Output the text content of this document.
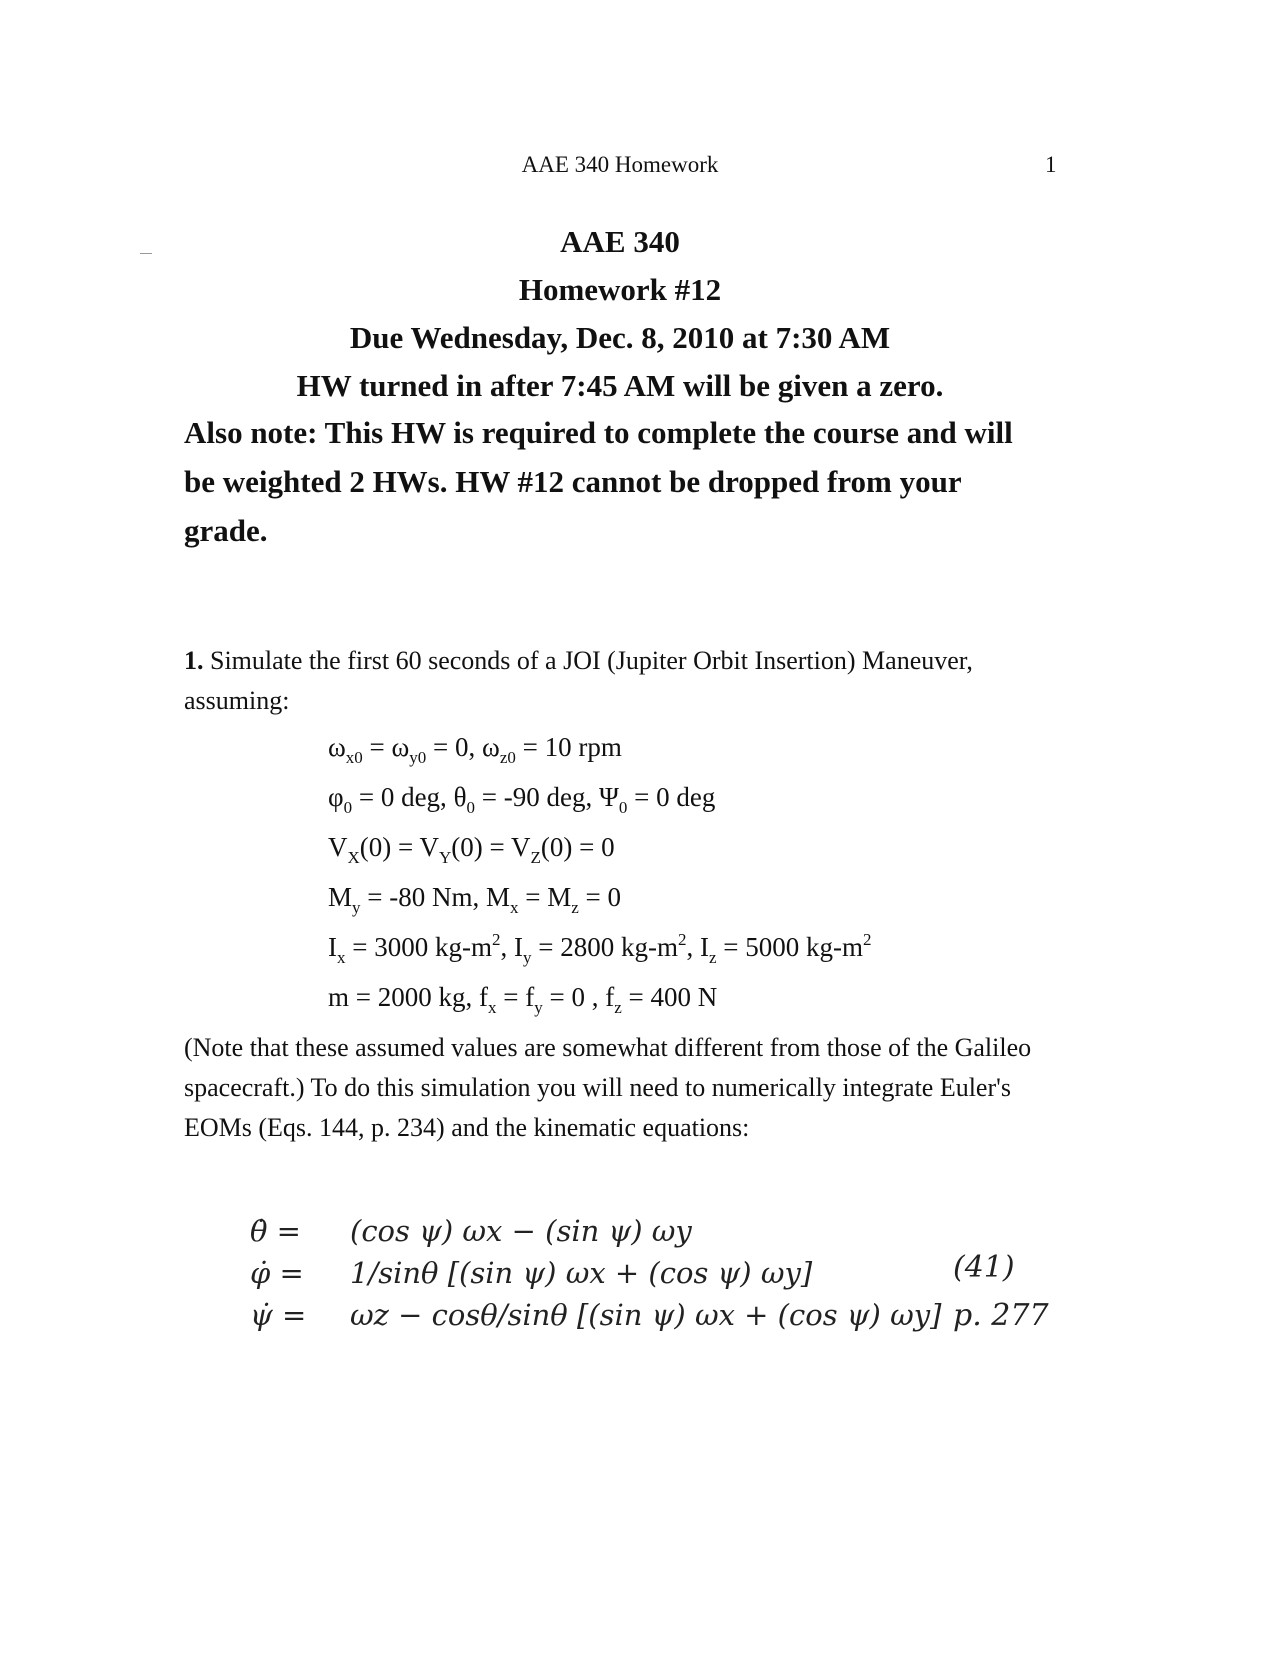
AAE 340 Homework	1
AAE 340
Homework #12
Due Wednesday, Dec. 8, 2010 at 7:30 AM
HW turned in after 7:45 AM will be given a zero.
Also note: This HW is required to complete the course and will be weighted 2 HWs. HW #12 cannot be dropped from your grade.
1. Simulate the first 60 seconds of a JOI (Jupiter Orbit Insertion) Maneuver, assuming:
$\omega_{x0} = \omega_{y0} = 0$, $\omega_{z0} = 10$ rpm
$\varphi_0 = 0$ deg, $\theta_0 = -90$ deg, $\Psi_0 = 0$ deg
$V_X(0) = V_Y(0) = V_Z(0) = 0$
$M_y = -80$ Nm, $M_x = M_z = 0$
$I_x = 3000$ $kg-m^2$, $I_y = 2800$ $kg-m^2$, $I_z = 5000$ $kg-m^2$
m = 2000 kg, $f_x = f_y = 0$ , $f_z = 400$ N
(Note that these assumed values are somewhat different from those of the Galileo spacecraft.) To do this simulation you will need to numerically integrate Euler's EOMs (Eqs. 144, p. 234) and the kinematic equations:
θ̇ = (cos ψ) ωx − (sin ψ) ωy
φ̇ = 1/sinθ [(sin ψ) ωx + (cos ψ) ωy]
ψ̇ = ωz − cosθ/sinθ [(sin ψ) ωx + (cos ψ) ωy]
(41)
p. 277
